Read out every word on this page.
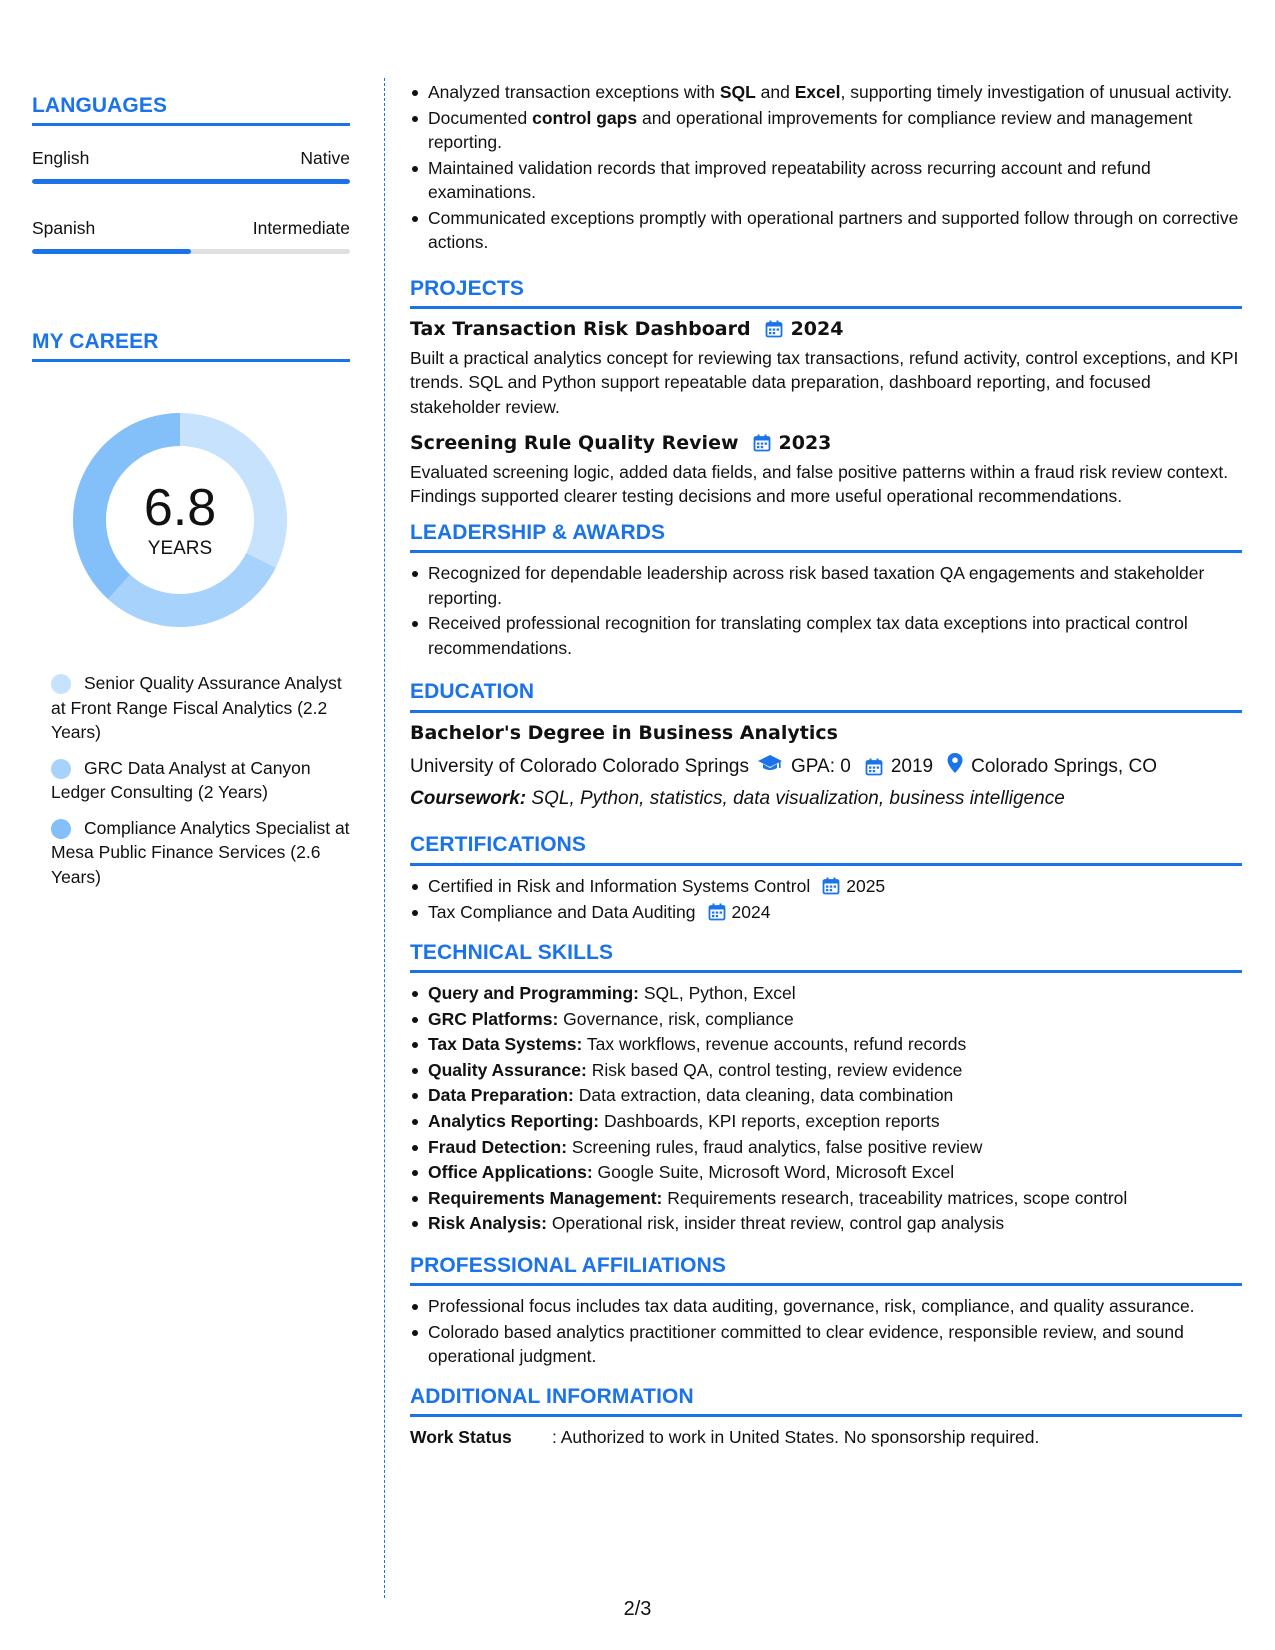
LANGUAGES
English	Native
Spanish	Intermediate
MY CAREER
6.8
YEARS
Senior Quality Assurance Analyst at Front Range Fiscal Analytics (2.2 Years)
GRC Data Analyst at Canyon Ledger Consulting (2 Years)
Compliance Analytics Specialist at Mesa Public Finance Services (2.6 Years)
Analyzed transaction exceptions with SQL and Excel, supporting timely investigation of unusual activity.
Documented control gaps and operational improvements for compliance review and management reporting.
Maintained validation records that improved repeatability across recurring account and refund examinations.
Communicated exceptions promptly with operational partners and supported follow through on corrective actions.
PROJECTS
Tax Transaction Risk Dashboard 2024
Built a practical analytics concept for reviewing tax transactions, refund activity, control exceptions, and KPI trends. SQL and Python support repeatable data preparation, dashboard reporting, and focused stakeholder review.
Screening Rule Quality Review 2023
Evaluated screening logic, added data fields, and false positive patterns within a fraud risk review context. Findings supported clearer testing decisions and more useful operational recommendations.
LEADERSHIP & AWARDS
Recognized for dependable leadership across risk based taxation QA engagements and stakeholder reporting.
Received professional recognition for translating complex tax data exceptions into practical control recommendations.
EDUCATION
Bachelor's Degree in Business Analytics
University of Colorado Colorado Springs GPA: 0 2019 Colorado Springs, CO
Coursework: SQL, Python, statistics, data visualization, business intelligence
CERTIFICATIONS
Certified in Risk and Information Systems Control 2025
Tax Compliance and Data Auditing 2024
TECHNICAL SKILLS
Query and Programming: SQL, Python, Excel
GRC Platforms: Governance, risk, compliance
Tax Data Systems: Tax workflows, revenue accounts, refund records
Quality Assurance: Risk based QA, control testing, review evidence
Data Preparation: Data extraction, data cleaning, data combination
Analytics Reporting: Dashboards, KPI reports, exception reports
Fraud Detection: Screening rules, fraud analytics, false positive review
Office Applications: Google Suite, Microsoft Word, Microsoft Excel
Requirements Management: Requirements research, traceability matrices, scope control
Risk Analysis: Operational risk, insider threat review, control gap analysis
PROFESSIONAL AFFILIATIONS
Professional focus includes tax data auditing, governance, risk, compliance, and quality assurance.
Colorado based analytics practitioner committed to clear evidence, responsible review, and sound operational judgment.
ADDITIONAL INFORMATION
Work Status	: Authorized to work in United States. No sponsorship required.
2/3
